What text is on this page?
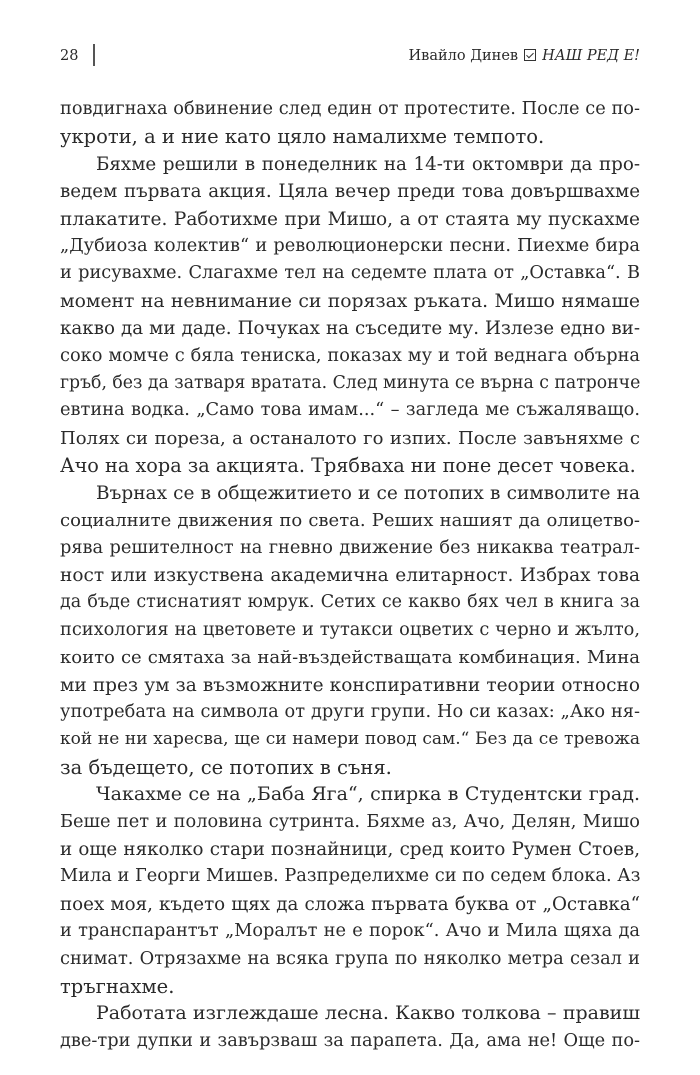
28	Ивайло Динев НАШ РЕД Е!
повдигнаха обвинение след един от протестите. После се по-
укроти, а и ние като цяло намалихме темпото.
Бяхме решили в понеделник на 14-ти октомври да про-
ведем първата акция. Цяла вечер преди това довършвахме
плакатите. Работихме при Мишо, а от стаята му пускахме
„Дубиоза колектив“ и революционерски песни. Пиехме бира
и рисувахме. Слагахме тел на седемте плата от „Оставка“. В
момент на невнимание си порязах ръката. Мишо нямаше
какво да ми даде. Почуках на съседите му. Излезе едно ви-
соко момче с бяла тениска, показах му и той веднага обърна
гръб, без да затваря вратата. След минута се върна с патронче
евтина водка. „Само това имам...“ – загледа ме съжаляващо.
Полях си пореза, а останалото го изпих. После завъняхме с
Ачо на хора за акцията. Трябваха ни поне десет човека.
Върнах се в общежитието и се потопих в символите на
социалните движения по света. Реших нашият да олицетво-
рява решителност на гневно движение без никаква театрал-
ност или изкуствена академична елитарност. Избрах това
да бъде стиснатият юмрук. Сетих се какво бях чел в книга за
психология на цветовете и тутакси оцветих с черно и жълто,
които се смятаха за най-въздействащата комбинация. Мина
ми през ум за възможните конспиративни теории относно
употребата на символа от други групи. Но си казах: „Ако ня-
кой не ни харесва, ще си намери повод сам.“ Без да се тревожа
за бъдещето, се потопих в съня.
Чакахме се на „Баба Яга“, спирка в Студентски град.
Беше пет и половина сутринта. Бяхме аз, Ачо, Делян, Мишо
и още няколко стари познайници, сред които Румен Стоев,
Мила и Георги Мишев. Разпределихме си по седем блока. Аз
поех моя, където щях да сложа първата буква от „Оставка“
и транспарантът „Моралът не е порок“. Ачо и Мила щяха да
снимат. Отрязахме на всяка група по няколко метра сезал и
тръгнахме.
Работата изглеждаше лесна. Какво толкова – правиш
две-три дупки и завързваш за парапета. Да, ама не! Още по-
